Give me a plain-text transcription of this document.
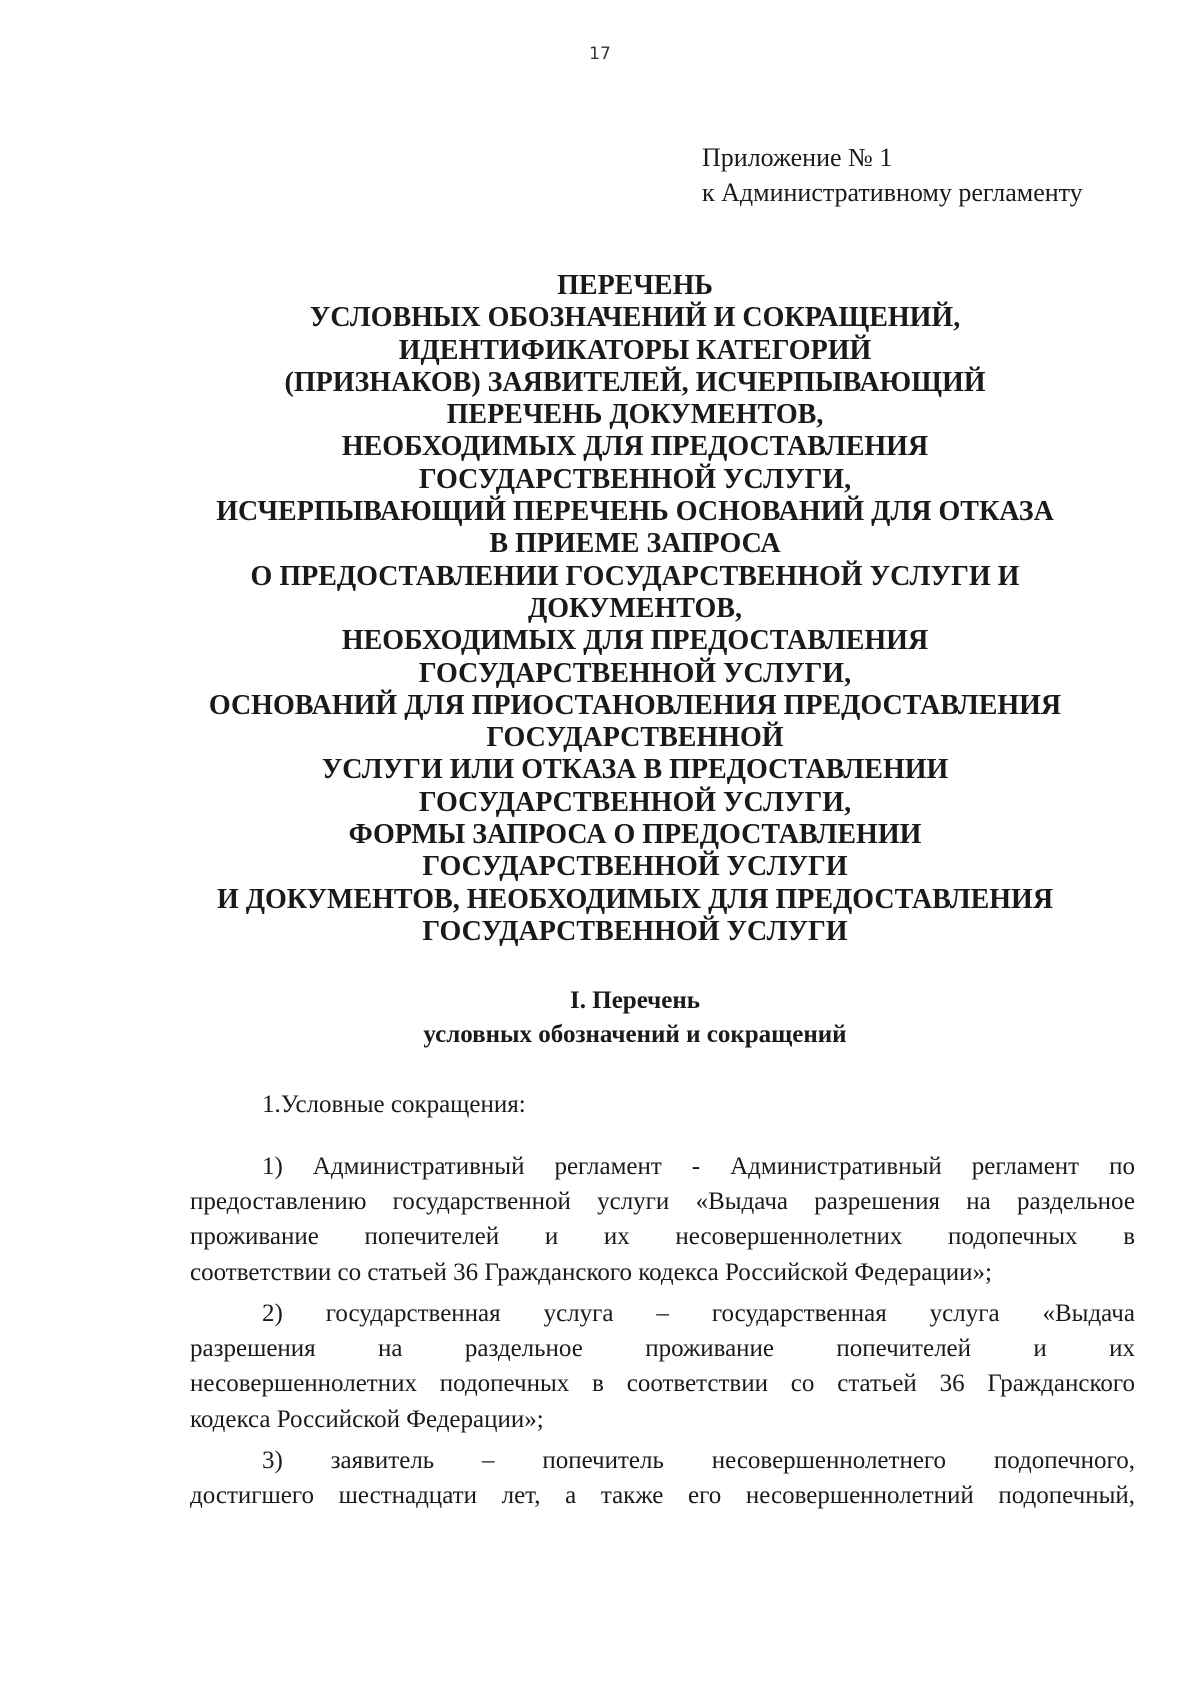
17
Приложение № 1
к Административному регламенту
ПЕРЕЧЕНЬ
УСЛОВНЫХ ОБОЗНАЧЕНИЙ И СОКРАЩЕНИЙ,
ИДЕНТИФИКАТОРЫ КАТЕГОРИЙ
(ПРИЗНАКОВ) ЗАЯВИТЕЛЕЙ, ИСЧЕРПЫВАЮЩИЙ
ПЕРЕЧЕНЬ ДОКУМЕНТОВ,
НЕОБХОДИМЫХ ДЛЯ ПРЕДОСТАВЛЕНИЯ
ГОСУДАРСТВЕННОЙ УСЛУГИ,
ИСЧЕРПЫВАЮЩИЙ ПЕРЕЧЕНЬ ОСНОВАНИЙ ДЛЯ ОТКАЗА
В ПРИЕМЕ ЗАПРОСА
О ПРЕДОСТАВЛЕНИИ ГОСУДАРСТВЕННОЙ УСЛУГИ И
ДОКУМЕНТОВ,
НЕОБХОДИМЫХ ДЛЯ ПРЕДОСТАВЛЕНИЯ
ГОСУДАРСТВЕННОЙ УСЛУГИ,
ОСНОВАНИЙ ДЛЯ ПРИОСТАНОВЛЕНИЯ ПРЕДОСТАВЛЕНИЯ
ГОСУДАРСТВЕННОЙ
УСЛУГИ ИЛИ ОТКАЗА В ПРЕДОСТАВЛЕНИИ
ГОСУДАРСТВЕННОЙ УСЛУГИ,
ФОРМЫ ЗАПРОСА О ПРЕДОСТАВЛЕНИИ
ГОСУДАРСТВЕННОЙ УСЛУГИ
И ДОКУМЕНТОВ, НЕОБХОДИМЫХ ДЛЯ ПРЕДОСТАВЛЕНИЯ
ГОСУДАРСТВЕННОЙ УСЛУГИ
I. Перечень
условных обозначений и сокращений
1.Условные сокращения:
1) Административный регламент - Административный регламент по
предоставлению государственной услуги «Выдача разрешения на раздельное
проживание попечителей и их несовершеннолетних подопечных в
соответствии со статьей 36 Гражданского кодекса Российской Федерации»;
2) государственная услуга – государственная услуга «Выдача
разрешения на раздельное проживание попечителей и их
несовершеннолетних подопечных в соответствии со статьей 36 Гражданского
кодекса Российской Федерации»;
3) заявитель – попечитель несовершеннолетнего подопечного,
достигшего шестнадцати лет, а также его несовершеннолетний подопечный,
